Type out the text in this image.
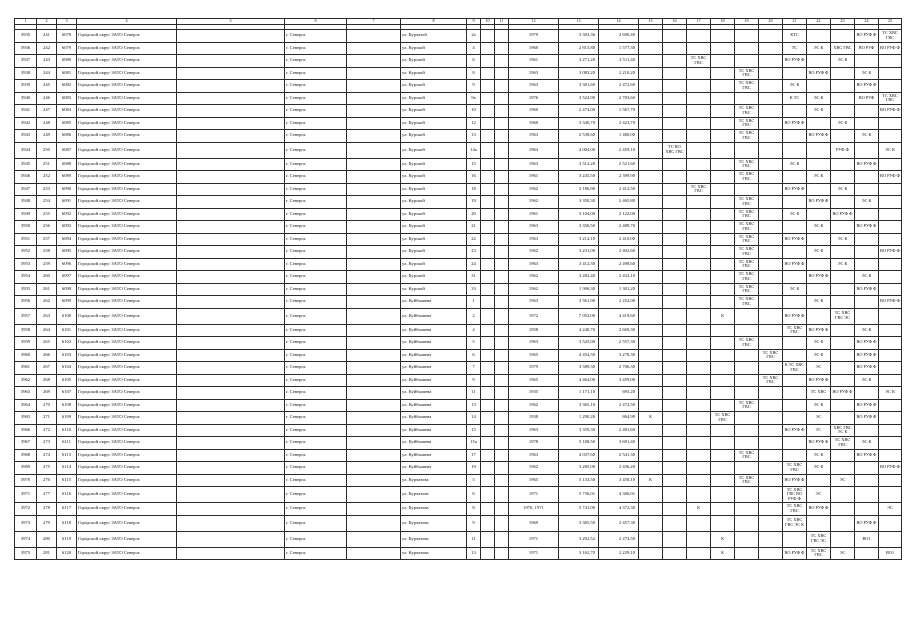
1	2	3	4	5	6	7	8	9	10	11	12	13	14	15	16	17	18	19	20	21	22	23	24	25

3935	241	6078	Городской округ ЗАТО Северск		г. Северск		ул. Курчатой	2а			1979	3 303,36	2 690,40							КТС			ВО РУФ Ф	ТС ХВС ГВС
3936	242	6079	Городской округ ЗАТО Северск		г. Северск		ул. Курской	4			1960	2 815,80	1 577,30							ТС	ЭС К	ХВС ГВС	ВО РУФ	ВО РУФ Ф
3937	243	6080	Городской округ ЗАТО Северск		г. Северск		ул. Курской	6			1961	3 271,20	2 511,40			ТС ХВС ГВС				ВО РУФ Ф		ЭС К		
3938	244	6081	Городской округ ЗАТО Северск		г. Северск		ул. Курской	8			1963	3 083,20	2 210,20					ТС ХВС ГВС			ВО РУФ Ф		ЭС К	
3939	245	6082	Городской округ ЗАТО Северск		г. Северск		ул. Курской	9			1963	3 301,60	2 472,60					ТС ХВС ГВС		ЭС К			ВО РУФ Ф	
3940	246	6083	Городской округ ЗАТО Северск		г. Северск		ул. Курской	9а			1976	3 524,90	2 703,60							К ТС	ЭС К		ВО РУФ	ТС ХВС ГВС
3941	247	6084	Городской округ ЗАТО Северск		г. Северск		ул. Курской	10			1960	2 474,00	1 567,70					ТС ХВС ГВС			ЭС К			ВО РУФ Ф
3942	248	6085	Городской округ ЗАТО Северск		г. Северск		ул. Курской	12			1960	3 340,70	2 423,70					ТС ХВС ГВС		ВО РУФ Ф		ЭС К		
3943	249	6086	Городской округ ЗАТО Северск		г. Северск		ул. Курской	13			1963	2 538,60	1 480,00					ТС ХВС ГВС			ВО РУФ Ф		ЭС К	
3944	250	6087	Городской округ ЗАТО Северск		г. Северск		ул. Курской	14а			1964	4 004,00	2 459,10		ТС ВО ХВС ГВС							РУФ Ф		ЭС К
3945	251	6088	Городской округ ЗАТО Северск		г. Северск		ул. Курской	15			1963	3 512,20	2 521,60					ТС ХВС ГВС		ЭС К			ВО РУФ Ф	
3946	252	6089	Городской округ ЗАТО Северск		г. Северск		ул. Курской	16			1961	3 245,50	2 399,90					ТС ХВС ГВС			ЭС К			ВО РУФ Ф
3947	253	6090	Городской округ ЗАТО Северск		г. Северск		ул. Курской	18			1962	3 186,90	2 412,50			ТС ХВС ГВС				ВО РУФ Ф		ЭС К		
3948	254	6091	Городской округ ЗАТО Северск		г. Северск		ул. Курской	19			1962	3 350,30	2 465,80					ТС ХВС ГВС			ВО РУФ Ф		ЭС К	
3949	255	6092	Городской округ ЗАТО Северск		г. Северск		ул. Курской	20			1961	3 104,00	2 122,00					ТС ХВС ГВС		ЭС К		ВО РУФ Ф		
3950	256	6093	Городской округ ЗАТО Северск		г. Северск		ул. Курской	21			1963	3 356,50	2 489,70					ТС ХВС ГВС			ЭС К		ВО РУФ Ф	
3951	257	6094	Городской округ ЗАТО Северск		г. Северск		ул. Курской	22			1963	3 214,10	2 410,00					ТС ХВС ГВС		ВО РУФ Ф		ЭС К		
3952	258	6095	Городской округ ЗАТО Северск		г. Северск		ул. Курской	23			1962	3 231,00	2 402,60					ТС ХВС ГВС			ЭС К			ВО РУФ Ф
3953	259	6096	Городской округ ЗАТО Северск		г. Северск		ул. Курской	24			1963	3 412,30	2 498,60					ТС ХВС ГВС		ВО РУФ Ф		ЭС К		
3954	260	6097	Городской округ ЗАТО Северск		г. Северск		ул. Курской	31			1962	3 282,40	2 432,10					ТС ХВС ГВС			ВО РУФ Ф		ЭС К	
3955	261	6098	Городской округ ЗАТО Северск		г. Северск		ул. Курской	33			1962	1 906,30	1 301,20					ТС ХВС ГВС		ЭС К			ВО РУФ Ф	
3956	262	6099	Городской округ ЗАТО Северск		г. Северск		ул. Куйбышева	1			1963	3 561,90	2 252,00					ТС ХВС ГВС			ЭС К			ВО РУФ Ф
3957	263	6100	Городской округ ЗАТО Северск		г. Северск		ул. Куйбышева	2			1972	7 052,00	4 419,60				К			ВО РУФ Ф		ТС ХВС ГВС ЭС		
3958	264	6101	Городской округ ЗАТО Северск		г. Северск		ул. Куйбышева	4			1958	4 240,70	2 669,30							ТС ХВС ГВС	ВО РУФ Ф		ЭС К	
3959	265	6102	Городской округ ЗАТО Северск		г. Северск		ул. Куйбышева	5			1963	3 525,00	2 557,30					ТС ХВС ГВС			ЭС К		ВО РУФ Ф	
3960	266	6103	Городской округ ЗАТО Северск		г. Северск		ул. Куйбышева	6			1965	4 454,50	3 278,30						ТС ХВС ГВС		ЭС К		ВО РУФ Ф	
3961	267	6104	Городской округ ЗАТО Северск		г. Северск		ул. Куйбышева	7			1979	3 589,30	2 706,30							К ТС ХВС ГВС	ЭС		ВО РУФ Ф	
3962	268	6105	Городской округ ЗАТО Северск		г. Северск		ул. Куйбышева	9			1965	4 464,00	3 459,00						ТС ХВС ГВС		ВО РУФ Ф		ЭС К	
3963	269	6107	Городской округ ЗАТО Северск		г. Северск		ул. Куйбышева	11			1935	1 171,10	695,20								ТС ХВС	ВО РУФ Ф		ЭС К
3964	270	6108	Городской округ ЗАТО Северск		г. Северск		ул. Куйбышева	13			1962	3 365,10	2 472,50					ТС ХВС ГВС			ЭС К		ВО РУФ Ф	
3965	271	6109	Городской округ ЗАТО Северск		г. Северск		ул. Куйбышева	14			1938	1 290,26	864,90	К			ТС ХВС ГВС				ЭС		ВО РУФ Ф	
3966	272	6110	Городской округ ЗАТО Северск		г. Северск		ул. Куйбышева	15			1963	3 359,30	2 481,60							ВО РУФ Ф	ТС	ХВС ГВС ЭС К		
3967	273	6111	Городской округ ЗАТО Северск		г. Северск		ул. Куйбышева	15а			1978	5 108,50	3 691,40								ВО РУФ Ф	ТС ХВС ГВС	ЭС К	
3968	274	6113	Городской округ ЗАТО Северск		г. Северск		ул. Куйбышева	17			1963	4 037,60	2 541,30					ТС ХВС ГВС			ЭС К		ВО РУФ Ф	
3969	275	6114	Городской округ ЗАТО Северск		г. Северск		ул. Куйбышева	19			1962	3 285,00	2 436,20							ТС ХВС ГВС	ЭС К			ВО РУФ Ф
3970	276	6115	Городской округ ЗАТО Северск		г. Северск		ул. Курчатова	5			1965	5 133,50	3 458,10	К				ТС ХВС ГВС		ВО РУФ Ф		ЭС		
3971	277	6116	Городской округ ЗАТО Северск		г. Северск		ул. Курчатова	6			1971	5 736,01	4 306,01							ТС ХВС ГВС ВО РУФ Ф	ЭС			
3972	278	6117	Городской округ ЗАТО Северск		г. Северск		ул. Курчатова	8			1970, 1971	5 741,00	4 372,30			К				ТС ХВС ГВС	ВО РУФ Ф			ЭС
3973	279	6118	Городской округ ЗАТО Северск		г. Северск		ул. Курчатова	9			1969	3 365,50	2 457,30							ТС ХВС ГВС ЭС К			ВО РУФ Ф	
3974	280	6119	Городской округ ЗАТО Северск		г. Северск		ул. Курчатова	11			1971	3 202,52	2 274,50				К				ТС ХВС ГВС ЭС		ВО1	
3975	281	6120	Городской округ ЗАТО Северск		г. Северск		ул. Курчатова	13			1971	3 162,70	2 229,10				К			ВО РУФ Ф	ТС ХВС ГВС	ЭС		ВО1
